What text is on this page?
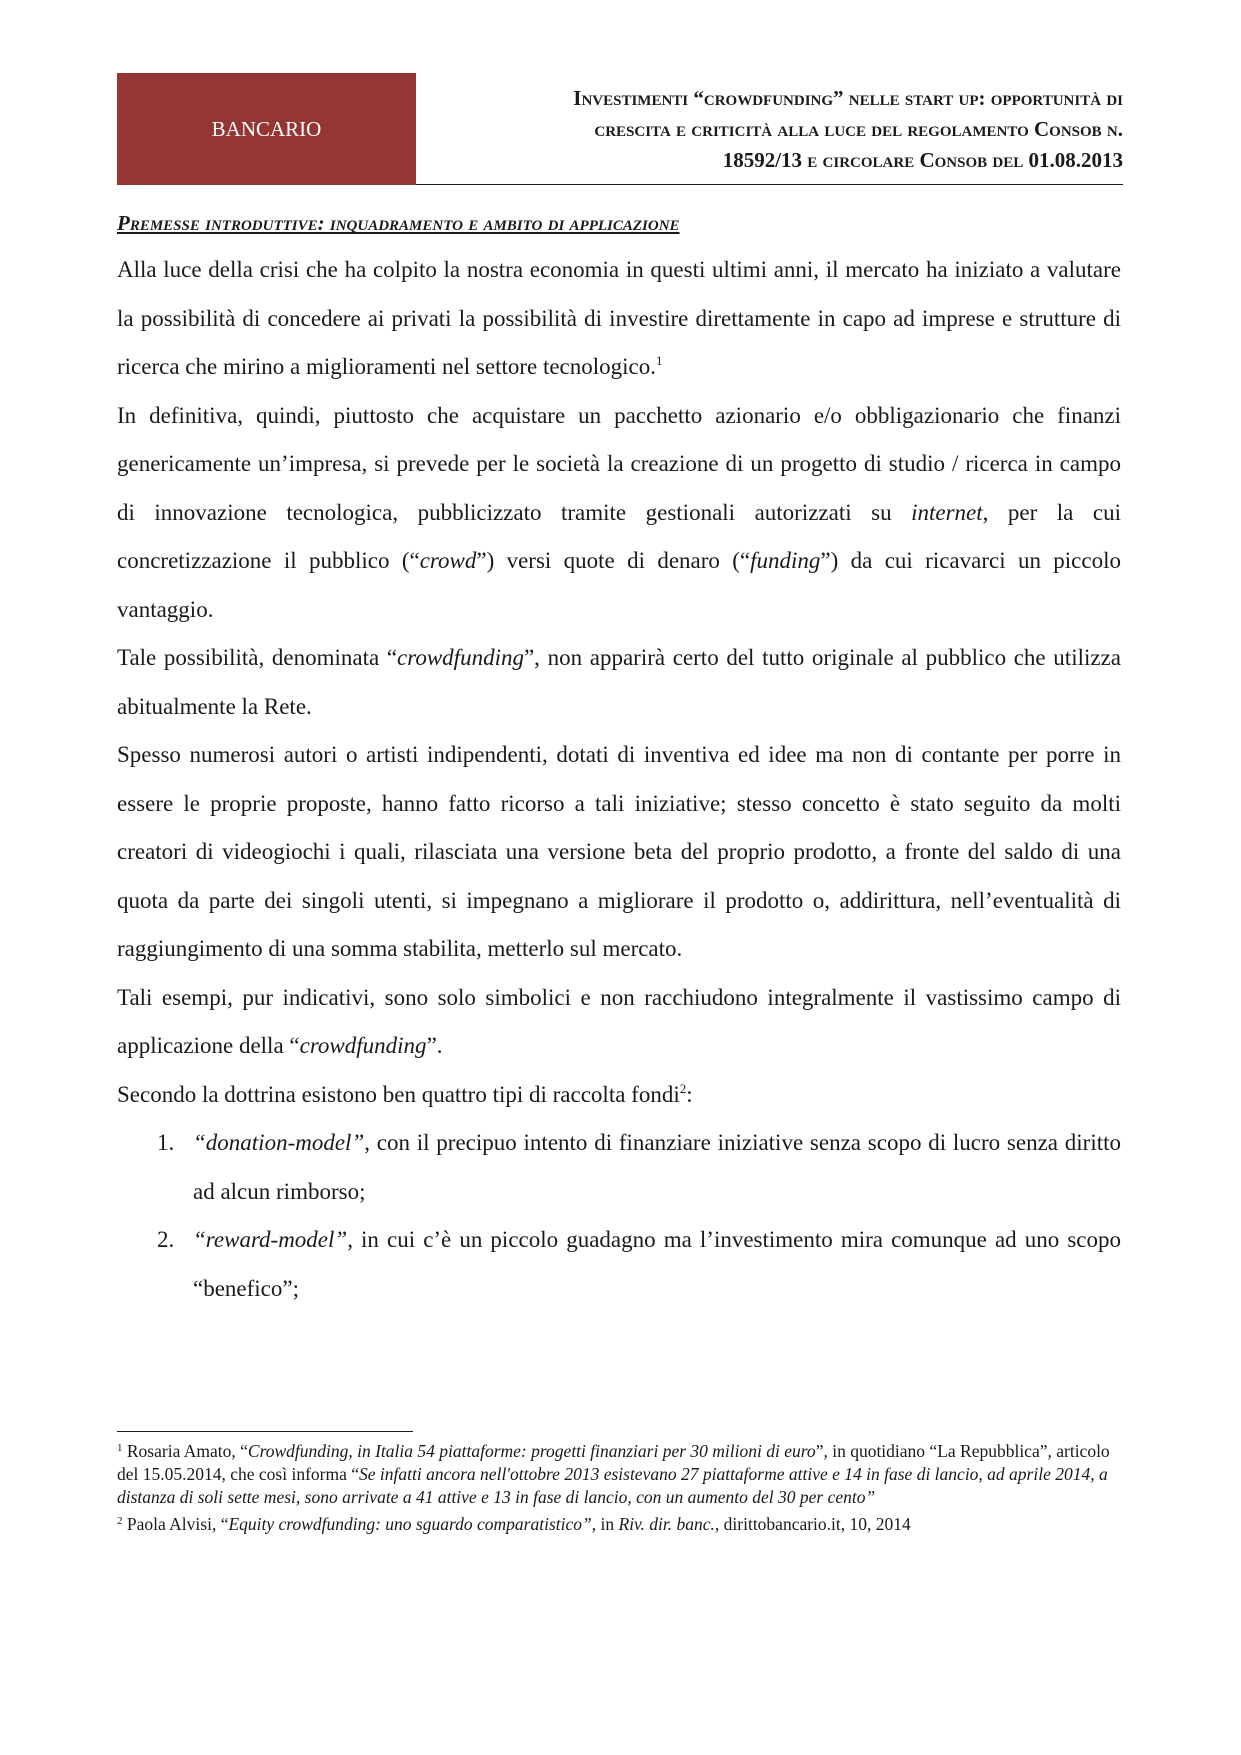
BANCARIO
Investimenti “crowdfunding” nelle start up: opportunità di
crescita e criticità alla luce del regolamento Consob n.
18592/13 e circolare Consob del 01.08.2013
Premesse introduttive: inquadramento e ambito di applicazione

Alla luce della crisi che ha colpito la nostra economia in questi ultimi anni, il mercato ha iniziato a valutare la possibilità di concedere ai privati la possibilità di investire direttamente in capo ad imprese e strutture di ricerca che mirino a miglioramenti nel settore tecnologico.$^1$

In definitiva, quindi, piuttosto che acquistare un pacchetto azionario e/o obbligazionario che finanzi genericamente un’impresa, si prevede per le società la creazione di un progetto di studio / ricerca in campo di innovazione tecnologica, pubblicizzato tramite gestionali autorizzati su internet, per la cui concretizzazione il pubblico (“crowd”) versi quote di denaro (“funding”) da cui ricavarci un piccolo vantaggio.

Tale possibilità, denominata “crowdfunding”, non apparirà certo del tutto originale al pubblico che utilizza abitualmente la Rete.

Spesso numerosi autori o artisti indipendenti, dotati di inventiva ed idee ma non di contante per porre in essere le proprie proposte, hanno fatto ricorso a tali iniziative; stesso concetto è stato seguito da molti creatori di videogiochi i quali, rilasciata una versione beta del proprio prodotto, a fronte del saldo di una quota da parte dei singoli utenti, si impegnano a migliorare il prodotto o, addirittura, nell’eventualità di raggiungimento di una somma stabilita, metterlo sul mercato.

Tali esempi, pur indicativi, sono solo simbolici e non racchiudono integralmente il vastissimo campo di applicazione della “crowdfunding”.

Secondo la dottrina esistono ben quattro tipi di raccolta fondi$^2$:

1. “donation-model”, con il precipuo intento di finanziare iniziative senza scopo di lucro senza diritto ad alcun rimborso;

2. “reward-model”, in cui c’è un piccolo guadagno ma l’investimento mira comunque ad uno scopo “benefico”;

$^1$ Rosaria Amato, “Crowdfunding, in Italia 54 piattaforme: progetti finanziari per 30 milioni di euro”, in quotidiano “La Repubblica”, articolo del 15.05.2014, che così informa “Se infatti ancora nell'ottobre 2013 esistevano 27 piattaforme attive e 14 in fase di lancio, ad aprile 2014, a distanza di soli sette mesi, sono arrivate a 41 attive e 13 in fase di lancio, con un aumento del 30 per cento”

$^2$ Paola Alvisi, “Equity crowdfunding: uno sguardo comparatistico”, in Riv. dir. banc., dirittobancario.it, 10, 2014
